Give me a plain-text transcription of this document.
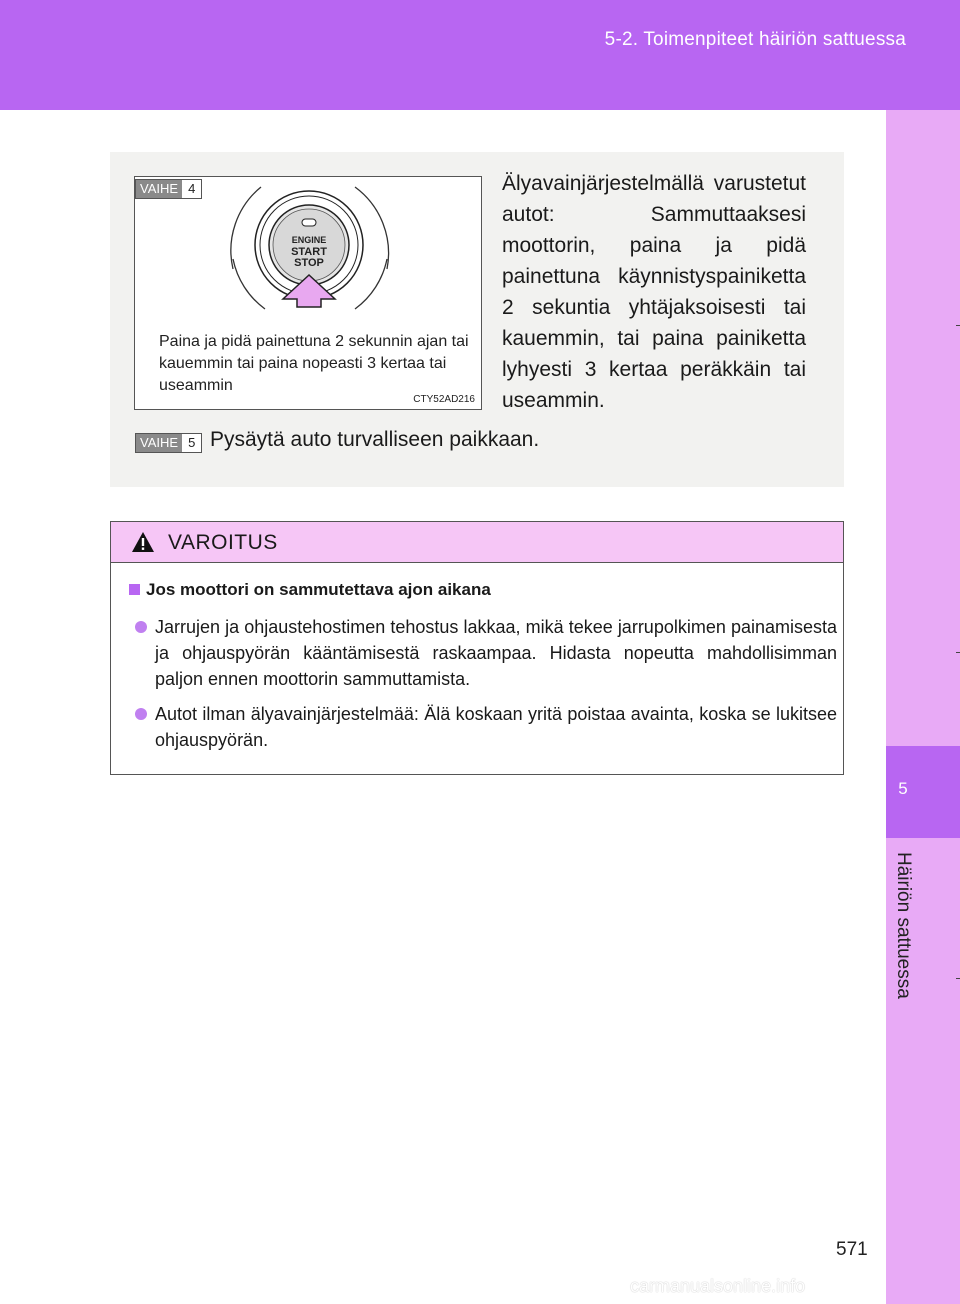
5-2. Toimenpiteet häiriön sattuessa
5
Häiriön sattuessa
VAIHE 4
ENGINE
START
STOP
Paina ja pidä painettuna 2 sekunnin ajan tai kauemmin tai paina nopeasti 3 kertaa tai useammin
CTY52AD216
Älyavainjärjestelmällä varustetut autot: Sammuttaaksesi moottorin, paina ja pidä painettuna käynnistyspainiketta 2 sekuntia yhtäjaksoisesti tai kauemmin, tai paina painiketta lyhyesti 3 kertaa peräkkäin tai useammin.
VAIHE 5 Pysäytä auto turvalliseen paikkaan.
VAROITUS
Jos moottori on sammutettava ajon aikana
Jarrujen ja ohjaustehostimen tehostus lakkaa, mikä tekee jarrupolkimen painamisesta ja ohjauspyörän kääntämisestä raskaampaa. Hidasta nopeutta mahdollisimman paljon ennen moottorin sammuttamista.
Autot ilman älyavainjärjestelmää: Älä koskaan yritä poistaa avainta, koska se lukitsee ohjauspyörän.
571
carmanualsonline.info
